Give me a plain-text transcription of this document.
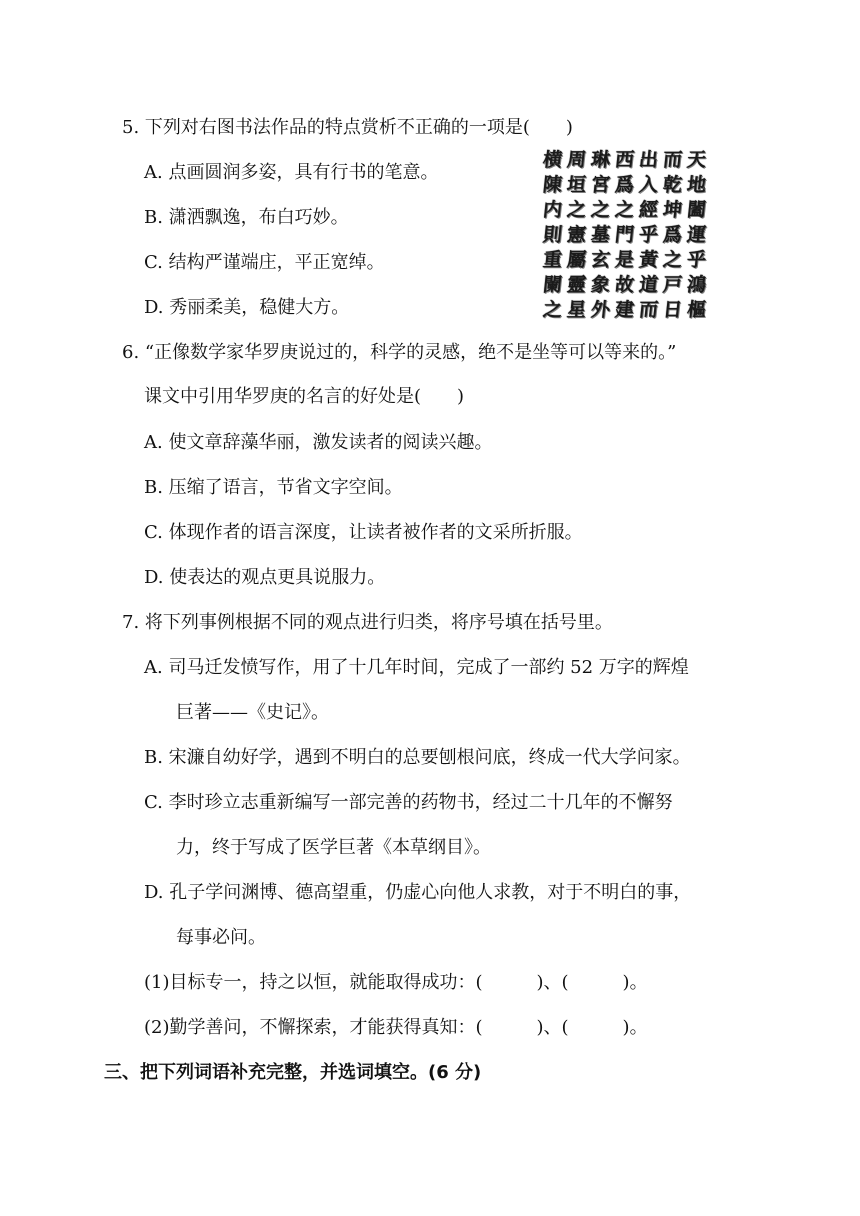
5. 下列对右图书法作品的特点赏析不正确的一项是(　　)
A. 点画圆润多姿，具有行书的笔意。
B. 潇洒飘逸，布白巧妙。
C. 结构严谨端庄，平正宽绰。
D. 秀丽柔美，稳健大方。
天
地
闔
運
乎
鴻
樞
而
乾
坤
爲
之
戸
日
出
入
經
乎
黃
道
而
西
爲
之
門
是
故
建
琳
宮
之
墓
玄
象
外
周
垣
之
憲
屬
靈
星
横
陳
内
則
重
闌
之
6. “正像数学家华罗庚说过的，科学的灵感，绝不是坐等可以等来的。”
课文中引用华罗庚的名言的好处是(　　)
A. 使文章辞藻华丽，激发读者的阅读兴趣。
B. 压缩了语言，节省文字空间。
C. 体现作者的语言深度，让读者被作者的文采所折服。
D. 使表达的观点更具说服力。
7. 将下列事例根据不同的观点进行归类，将序号填在括号里。
A. 司马迁发愤写作，用了十几年时间，完成了一部约 52 万字的辉煌
巨著——《史记》。
B. 宋濂自幼好学，遇到不明白的总要刨根问底，终成一代大学问家。
C. 李时珍立志重新编写一部完善的药物书，经过二十几年的不懈努
力，终于写成了医学巨著《本草纲目》。
D. 孔子学问渊博、德高望重，仍虚心向他人求教，对于不明白的事，
每事必问。
(1)目标专一，持之以恒，就能取得成功：(　　　)、(　　　)。
(2)勤学善问，不懈探索，才能获得真知：(　　　)、(　　　)。
三、把下列词语补充完整，并选词填空。(6 分)
